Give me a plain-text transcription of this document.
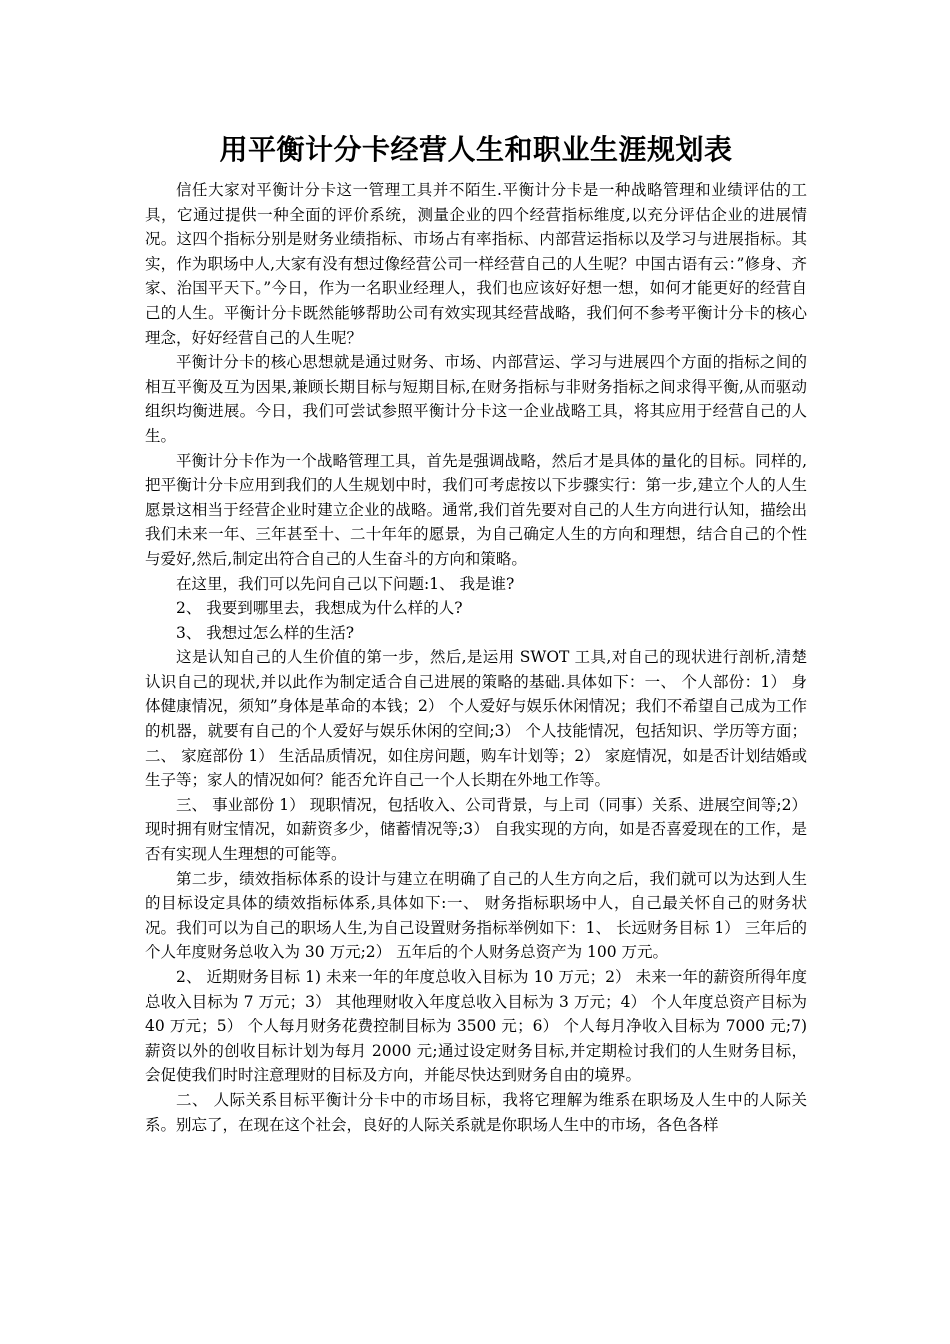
用平衡计分卡经营人生和职业生涯规划表

信任大家对平衡计分卡这一管理工具并不陌生.平衡计分卡是一种战略管理和业绩评估的工具，它通过提供一种全面的评价系统，测量企业的四个经营指标维度,以充分评估企业的进展情况。这四个指标分别是财务业绩指标、市场占有率指标、内部营运指标以及学习与进展指标。其实，作为职场中人,大家有没有想过像经营公司一样经营自己的人生呢？中国古语有云：”修身、齐家、治国平天下。”今日，作为一名职业经理人，我们也应该好好想一想，如何才能更好的经营自己的人生。平衡计分卡既然能够帮助公司有效实现其经营战略，我们何不参考平衡计分卡的核心理念，好好经营自己的人生呢？

平衡计分卡的核心思想就是通过财务、市场、内部营运、学习与进展四个方面的指标之间的相互平衡及互为因果,兼顾长期目标与短期目标,在财务指标与非财务指标之间求得平衡,从而驱动组织均衡进展。今日，我们可尝试参照平衡计分卡这一企业战略工具，将其应用于经营自己的人生。

平衡计分卡作为一个战略管理工具，首先是强调战略，然后才是具体的量化的目标。同样的,把平衡计分卡应用到我们的人生规划中时，我们可考虑按以下步骤实行：第一步,建立个人的人生愿景这相当于经营企业时建立企业的战略。通常,我们首先要对自己的人生方向进行认知，描绘出我们未来一年、三年甚至十、二十年年的愿景，为自己确定人生的方向和理想，结合自己的个性与爱好,然后,制定出符合自己的人生奋斗的方向和策略。

在这里，我们可以先问自己以下问题:1、 我是谁?

2、 我要到哪里去，我想成为什么样的人?

3、 我想过怎么样的生活?

这是认知自己的人生价值的第一步，然后,是运用 SWOT 工具,对自己的现状进行剖析,清楚认识自己的现状,并以此作为制定适合自己进展的策略的基础.具体如下：一、 个人部份：1） 身体健康情况，须知”身体是革命的本钱；2） 个人爱好与娱乐休闲情况；我们不希望自己成为工作的机器，就要有自己的个人爱好与娱乐休闲的空间;3） 个人技能情况，包括知识、学历等方面；二、 家庭部份 1） 生活品质情况，如住房问题，购车计划等；2） 家庭情况，如是否计划结婚或生子等；家人的情况如何？能否允许自己一个人长期在外地工作等。

三、 事业部份 1） 现职情况，包括收入、公司背景，与上司（同事）关系、进展空间等;2） 现时拥有财宝情况，如薪资多少，储蓄情况等;3） 自我实现的方向，如是否喜爱现在的工作，是否有实现人生理想的可能等。

第二步，绩效指标体系的设计与建立在明确了自己的人生方向之后，我们就可以为达到人生的目标设定具体的绩效指标体系,具体如下:一、 财务指标职场中人，自己最关怀自己的财务状况。我们可以为自己的职场人生,为自己设置财务指标举例如下：1、 长远财务目标 1） 三年后的个人年度财务总收入为 30 万元;2） 五年后的个人财务总资产为 100 万元。

2、 近期财务目标 1) 未来一年的年度总收入目标为 10 万元；2） 未来一年的薪资所得年度总收入目标为 7 万元；3） 其他理财收入年度总收入目标为 3 万元；4） 个人年度总资产目标为 40 万元；5） 个人每月财务花费控制目标为 3500 元；6） 个人每月净收入目标为 7000 元;7) 薪资以外的创收目标计划为每月 2000 元;通过设定财务目标,并定期检讨我们的人生财务目标，会促使我们时时注意理财的目标及方向，并能尽快达到财务自由的境界。

二、 人际关系目标平衡计分卡中的市场目标，我将它理解为维系在职场及人生中的人际关系。别忘了，在现在这个社会，良好的人际关系就是你职场人生中的市场，各色各样
